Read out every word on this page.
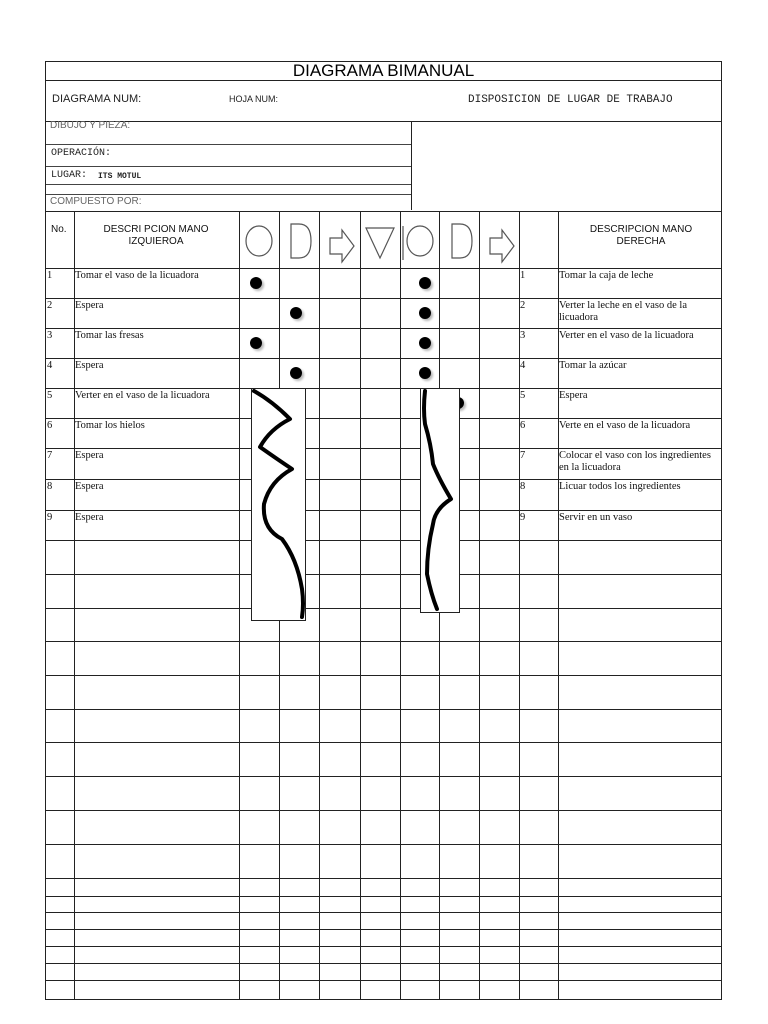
DIAGRAMA BIMANUAL
DIAGRAMA NUM:	HOJA NUM:	DISPOSICION DE LUGAR DE TRABAJO
DIBUJO Y PIEZA:
OPERACIÓN:
LUGAR: ITS MOTUL
COMPUESTO POR:
No.	DESCRI PCION MANO IZQUIEROA
DESCRIPCION MANO DERECHA
1	Tomar el vaso de la licuadora	1	Tomar la caja de leche
2	Espera	2	Verter la leche en el vaso de la licuadora
3	Tomar las fresas	3	Verter en el vaso de la licuadora
4	Espera	4	Tomar la azúcar
5	Verter en el vaso de la licuadora	5	Espera
6	Tomar los hielos	6	Verte en el vaso de la licuadora
7	Espera	7	Colocar el vaso con los ingredientes en la licuadora
8	Espera	8	Licuar todos los ingredientes
9	Espera	9	Servir en un vaso
